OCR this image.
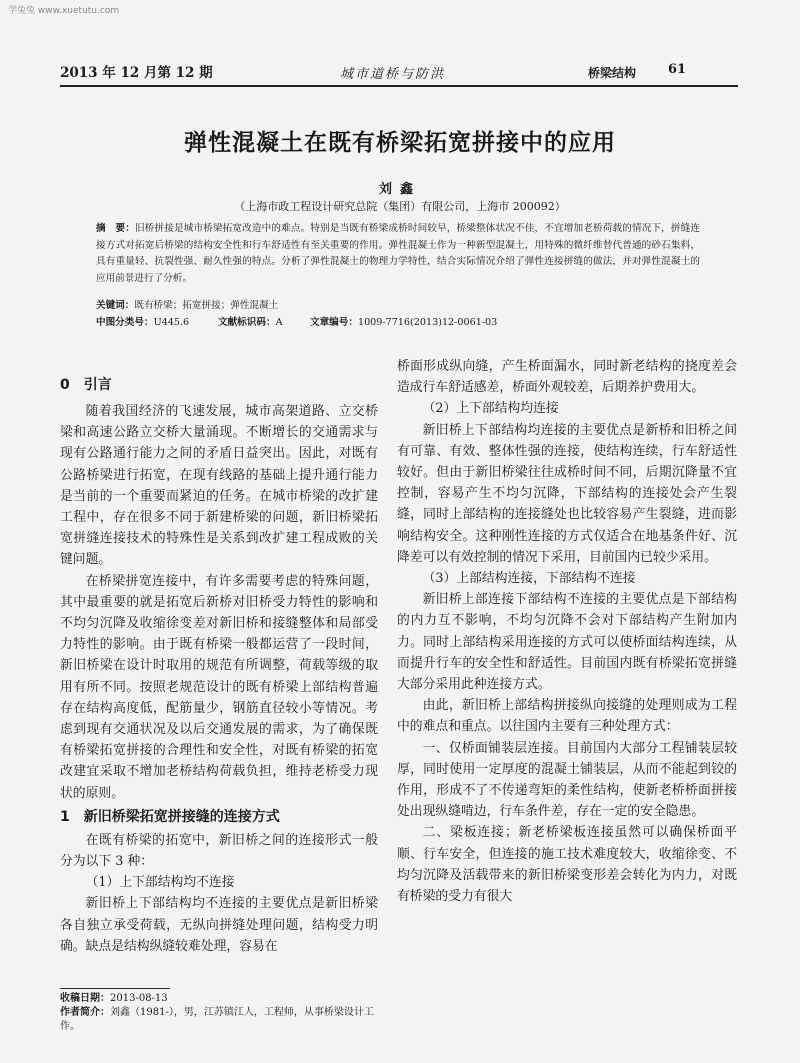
学兔兔 www.xuetutu.com
2013 年 12 月第 12 期	城市道桥与防洪	桥梁结构 61
弹性混凝土在既有桥梁拓宽拼接中的应用
刘鑫
（上海市政工程设计研究总院（集团）有限公司，上海市 200092）
摘　要：旧桥拼接是城市桥梁拓宽改造中的难点。特别是当既有桥梁成桥时间较早，桥梁整体状况不佳，不宜增加老桥荷载的情况下，拼缝连接方式对拓宽后桥梁的结构安全性和行车舒适性有至关重要的作用。弹性混凝土作为一种新型混凝土，用特殊的微纤维替代普通的砂石集料，具有重量轻、抗裂性强、耐久性强的特点。分析了弹性混凝土的物理力学特性，结合实际情况介绍了弹性连接拼缝的做法，并对弹性混凝土的应用前景进行了分析。
关键词：既有桥梁；拓宽拼接；弹性混凝土
中图分类号：U445.6	文献标识码：A	文章编号：1009-7716(2013)12-0061-03
0　引言

随着我国经济的飞速发展，城市高架道路、立交桥梁和高速公路立交桥大量涌现。不断增长的交通需求与现有公路通行能力之间的矛盾日益突出。因此，对既有公路桥梁进行拓宽，在现有线路的基础上提升通行能力是当前的一个重要而紧迫的任务。在城市桥梁的改扩建工程中，存在很多不同于新建桥梁的问题，新旧桥梁拓宽拼缝连接技术的特殊性是关系到改扩建工程成败的关键问题。

在桥梁拼宽连接中，有许多需要考虑的特殊问题，其中最重要的就是拓宽后新桥对旧桥受力特性的影响和不均匀沉降及收缩徐变差对新旧桥和接缝整体和局部受力特性的影响。由于既有桥梁一般都运营了一段时间，新旧桥梁在设计时取用的规范有所调整，荷载等级的取用有所不同。按照老规范设计的既有桥梁上部结构普遍存在结构高度低，配筋量少，钢筋直径较小等情况。考虑到现有交通状况及以后交通发展的需求，为了确保既有桥梁拓宽拼接的合理性和安全性，对既有桥梁的拓宽改建宜采取不增加老桥结构荷载负担，维持老桥受力现状的原则。

1　新旧桥梁拓宽拼接缝的连接方式

在既有桥梁的拓宽中，新旧桥之间的连接形式一般分为以下 3 种：

（1）上下部结构均不连接

新旧桥上下部结构均不连接的主要优点是新旧桥梁各自独立承受荷载，无纵向拼缝处理问题，结构受力明确。缺点是结构纵缝较难处理，容易在

收稿日期：2013-08-13
作者简介：刘鑫（1981-），男，江苏镇江人，工程师，从事桥梁设计工作。

桥面形成纵向缝，产生桥面漏水，同时新老结构的挠度差会造成行车舒适感差，桥面外观较差，后期养护费用大。

（2）上下部结构均连接

新旧桥上下部结构均连接的主要优点是新桥和旧桥之间有可靠、有效、整体性强的连接，使结构连续，行车舒适性较好。但由于新旧桥梁往往成桥时间不同，后期沉降量不宜控制，容易产生不均匀沉降，下部结构的连接处会产生裂缝，同时上部结构的连接缝处也比较容易产生裂缝，进而影响结构安全。这种刚性连接的方式仅适合在地基条件好、沉降差可以有效控制的情况下采用，目前国内已较少采用。

（3）上部结构连接，下部结构不连接

新旧桥上部连接下部结构不连接的主要优点是下部结构的内力互不影响，不均匀沉降不会对下部结构产生附加内力。同时上部结构采用连接的方式可以使桥面结构连续，从而提升行车的安全性和舒适性。目前国内既有桥梁拓宽拼缝大部分采用此种连接方式。

由此，新旧桥上部结构拼接纵向接缝的处理则成为工程中的难点和重点。以往国内主要有三种处理方式：

一、仅桥面铺装层连接。目前国内大部分工程铺装层较厚，同时使用一定厚度的混凝土铺装层，从而不能起到铰的作用，形成不了不传递弯矩的柔性结构，使新老桥桥面拼接处出现纵缝啃边，行车条件差，存在一定的安全隐患。

二、梁板连接；新老桥梁板连接虽然可以确保桥面平顺、行车安全，但连接的施工技术难度较大，收缩徐变、不均匀沉降及活载带来的新旧桥梁变形差会转化为内力，对既有桥梁的受力有很大
